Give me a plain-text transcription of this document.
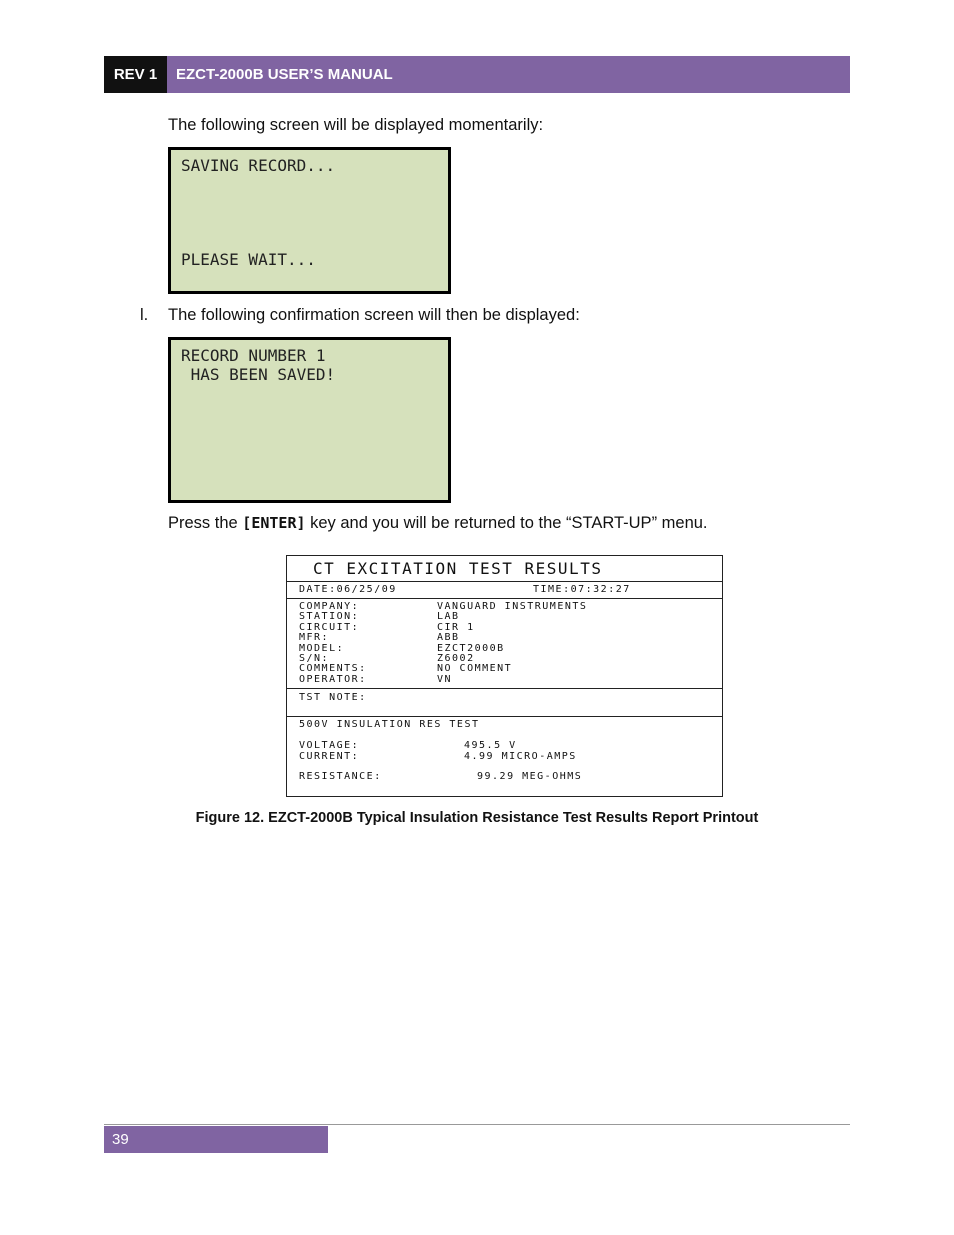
REV 1	EZCT-2000B USER’S MANUAL
The following screen will be displayed momentarily:
SAVING RECORD...
PLEASE WAIT...
l. The following confirmation screen will then be displayed:
RECORD NUMBER 1
HAS BEEN SAVED!
Press the [ENTER] key and you will be returned to the “START-UP” menu.
CT EXCITATION TEST RESULTS
DATE:06/25/09	TIME:07:32:27
COMPANY:	VANGUARD INSTRUMENTS
STATION:	LAB
CIRCUIT:	CIR 1
MFR:	ABB
MODEL:	EZCT2000B
S/N:	Z6002
COMMENTS:	NO COMMENT
OPERATOR:	VN
TST NOTE:
500V INSULATION RES TEST
VOLTAGE:	495.5 V
CURRENT:	4.99 MICRO-AMPS
RESISTANCE:	99.29 MEG-OHMS
Figure 12. EZCT-2000B Typical Insulation Resistance Test Results Report Printout
39
